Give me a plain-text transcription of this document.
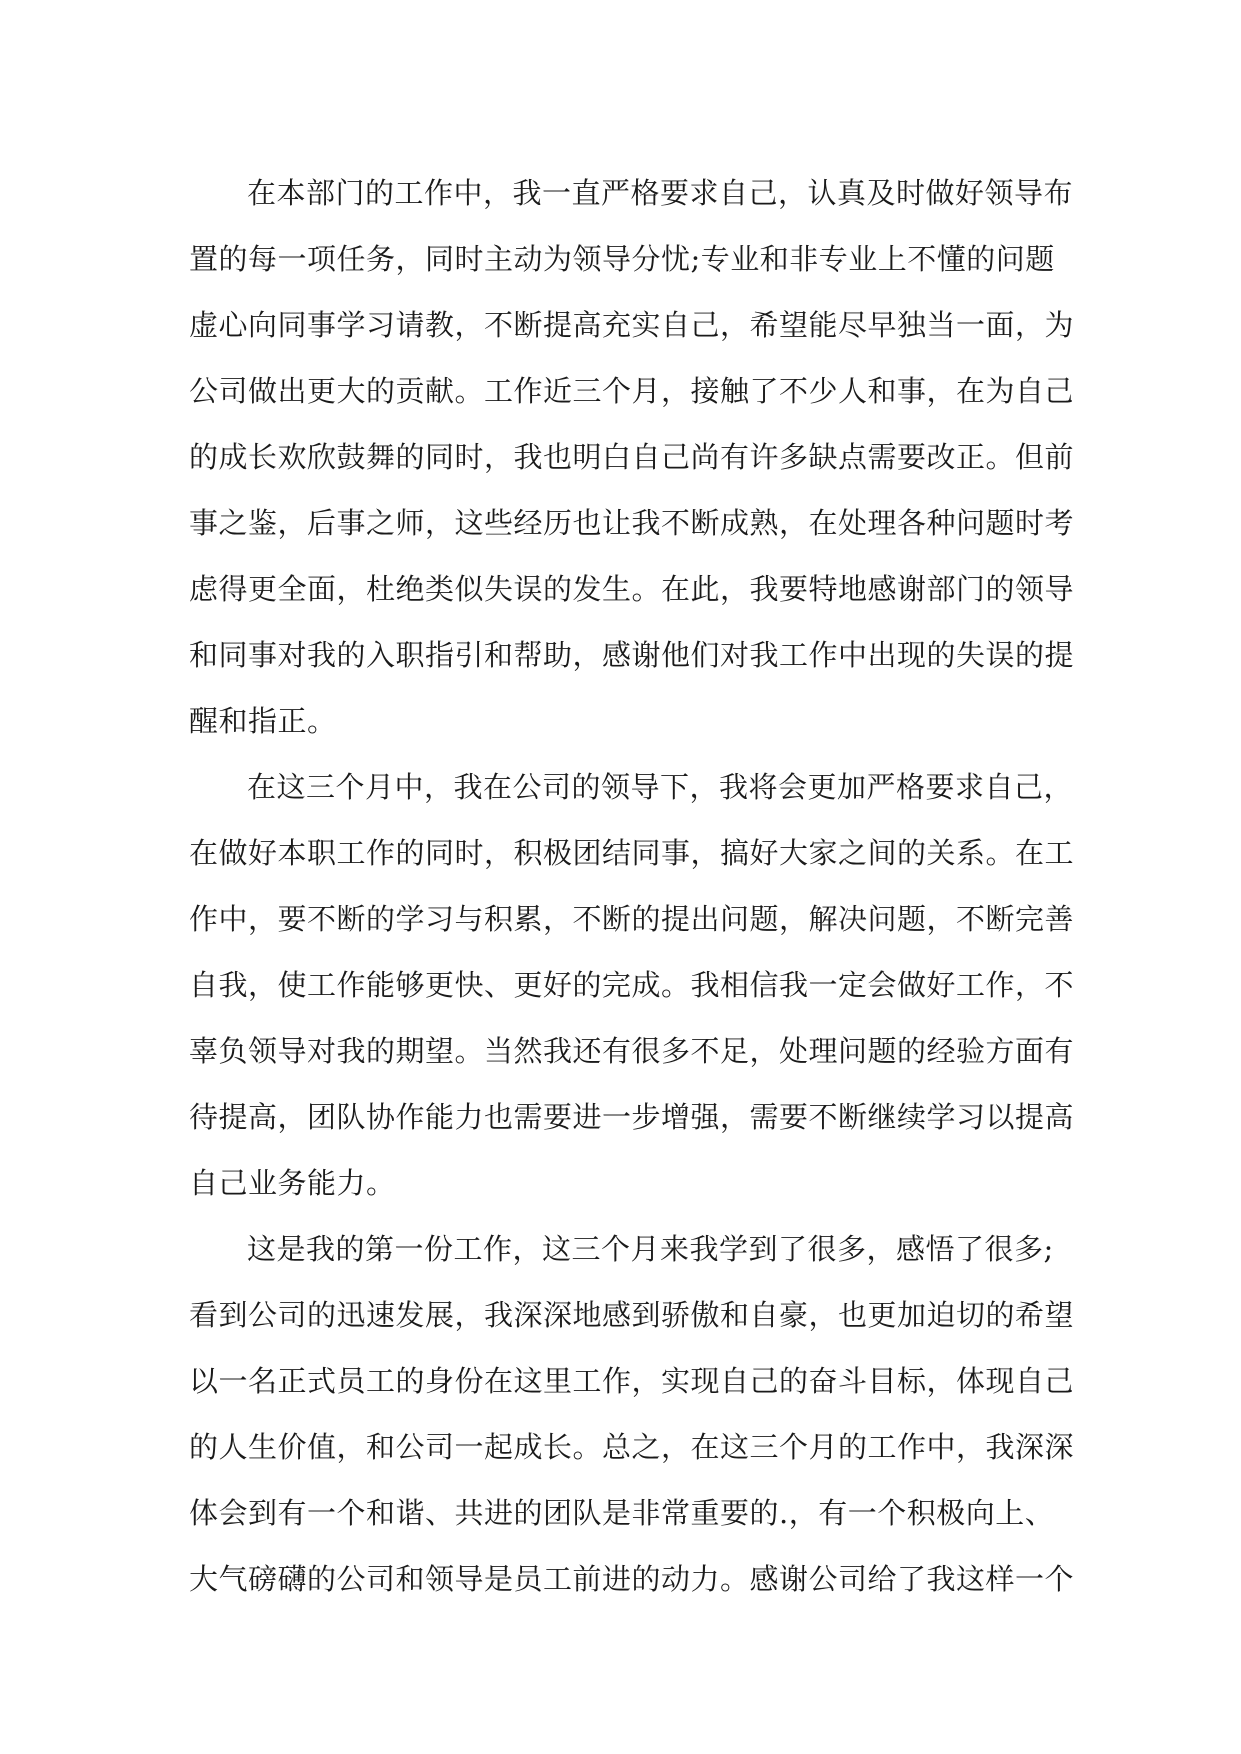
在本部门的工作中，我一直严格要求自己，认真及时做好领导布
置的每一项任务，同时主动为领导分忧;专业和非专业上不懂的问题
虚心向同事学习请教，不断提高充实自己，希望能尽早独当一面，为
公司做出更大的贡献。工作近三个月，接触了不少人和事，在为自己
的成长欢欣鼓舞的同时，我也明白自己尚有许多缺点需要改正。但前
事之鉴，后事之师，这些经历也让我不断成熟，在处理各种问题时考
虑得更全面，杜绝类似失误的发生。在此，我要特地感谢部门的领导
和同事对我的入职指引和帮助，感谢他们对我工作中出现的失误的提
醒和指正。
在这三个月中，我在公司的领导下，我将会更加严格要求自己，
在做好本职工作的同时，积极团结同事，搞好大家之间的关系。在工
作中，要不断的学习与积累，不断的提出问题，解决问题，不断完善
自我，使工作能够更快、更好的完成。我相信我一定会做好工作，不
辜负领导对我的期望。当然我还有很多不足，处理问题的经验方面有
待提高，团队协作能力也需要进一步增强，需要不断继续学习以提高
自己业务能力。
这是我的第一份工作，这三个月来我学到了很多，感悟了很多;
看到公司的迅速发展，我深深地感到骄傲和自豪，也更加迫切的希望
以一名正式员工的身份在这里工作，实现自己的奋斗目标，体现自己
的人生价值，和公司一起成长。总之，在这三个月的工作中，我深深
体会到有一个和谐、共进的团队是非常重要的.，有一个积极向上、
大气磅礴的公司和领导是员工前进的动力。感谢公司给了我这样一个
